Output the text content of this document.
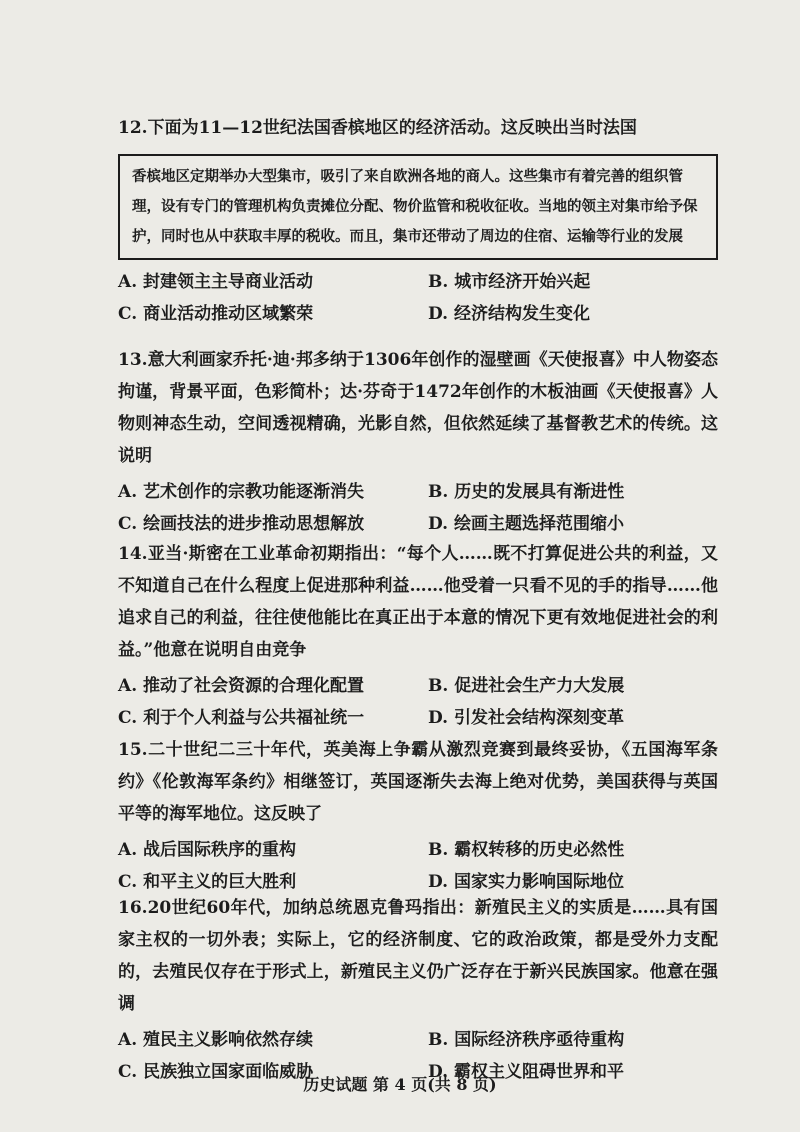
12.下面为11—12世纪法国香槟地区的经济活动。这反映出当时法国

香槟地区定期举办大型集市，吸引了来自欧洲各地的商人。这些集市有着完善的组织管理，设有专门的管理机构负责摊位分配、物价监管和税收征收。当地的领主对集市给予保护，同时也从中获取丰厚的税收。而且，集市还带动了周边的住宿、运输等行业的发展
A. 封建领主主导商业活动	B. 城市经济开始兴起
C. 商业活动推动区域繁荣	D. 经济结构发生变化

13.意大利画家乔托·迪·邦多纳于1306年创作的湿壁画《天使报喜》中人物姿态拘谨，背景平面，色彩简朴；达·芬奇于1472年创作的木板油画《天使报喜》人物则神态生动，空间透视精确，光影自然，但依然延续了基督教艺术的传统。这说明

A. 艺术创作的宗教功能逐渐消失	B. 历史的发展具有渐进性
C. 绘画技法的进步推动思想解放	D. 绘画主题选择范围缩小

14.亚当·斯密在工业革命初期指出：“每个人……既不打算促进公共的利益，又不知道自己在什么程度上促进那种利益……他受着一只看不见的手的指导……他追求自己的利益，往往使他能比在真正出于本意的情况下更有效地促进社会的利益。”他意在说明自由竞争

A. 推动了社会资源的合理化配置	B. 促进社会生产力大发展
C. 利于个人利益与公共福祉统一	D. 引发社会结构深刻变革

15.二十世纪二三十年代，英美海上争霸从激烈竞赛到最终妥协，《五国海军条约》《伦敦海军条约》相继签订，英国逐渐失去海上绝对优势，美国获得与英国平等的海军地位。这反映了

A. 战后国际秩序的重构	B. 霸权转移的历史必然性
C. 和平主义的巨大胜利	D. 国家实力影响国际地位

16.20世纪60年代，加纳总统恩克鲁玛指出：新殖民主义的实质是……具有国家主权的一切外表；实际上，它的经济制度、它的政治政策，都是受外力支配的，去殖民仅存在于形式上，新殖民主义仍广泛存在于新兴民族国家。他意在强调

A. 殖民主义影响依然存续	B. 国际经济秩序亟待重构
C. 民族独立国家面临威胁	D. 霸权主义阻碍世界和平
历史试题 第 4 页(共 8 页)
